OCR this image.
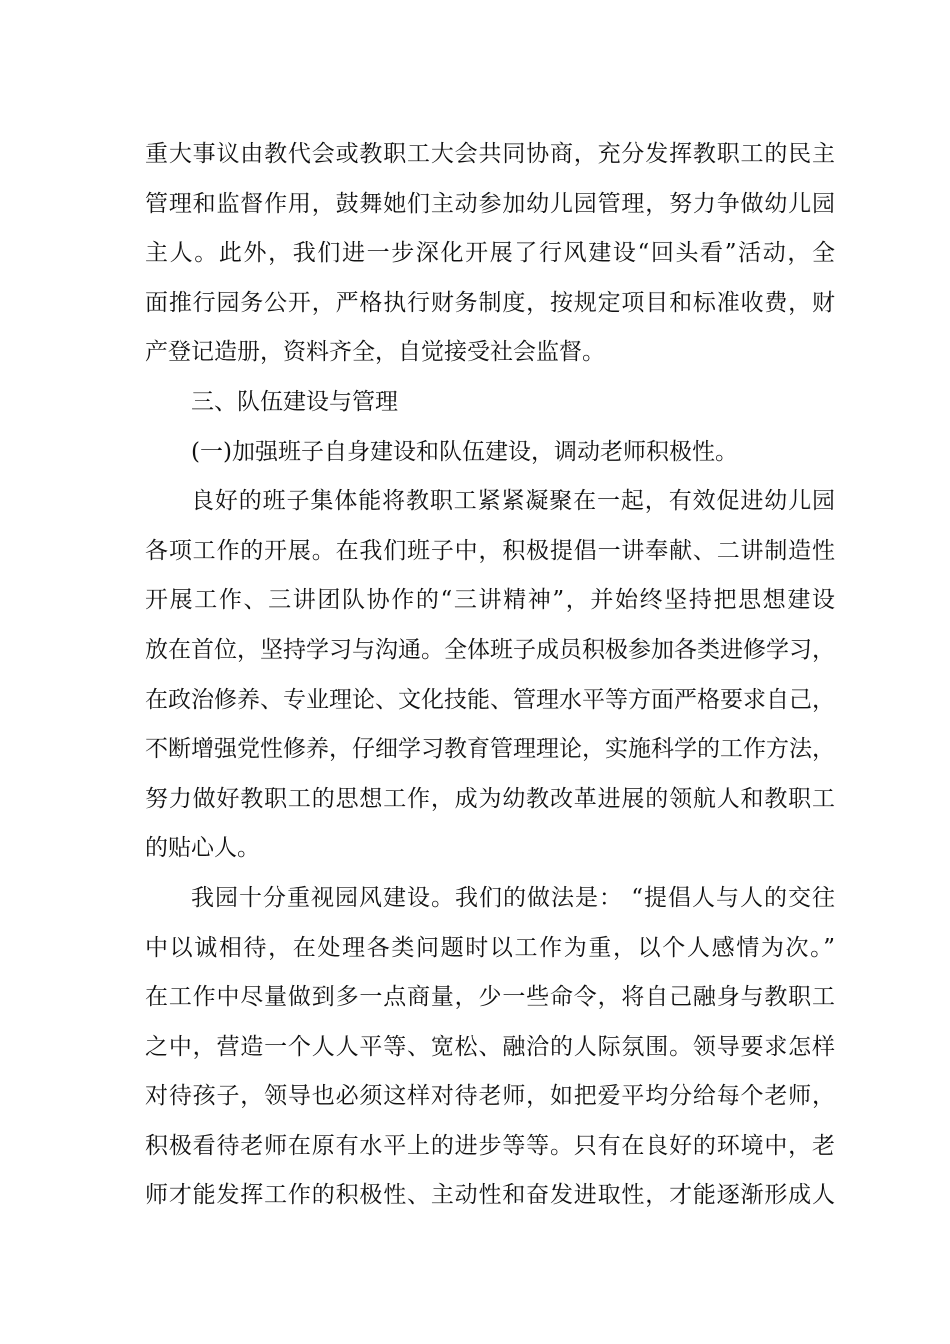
重大事议由教代会或教职工大会共同协商，充分发挥教职工的民主
管理和监督作用，鼓舞她们主动参加幼儿园管理，努力争做幼儿园
主人。此外，我们进一步深化开展了行风建设“回头看”活动，全
面推行园务公开，严格执行财务制度，按规定项目和标准收费，财
产登记造册，资料齐全，自觉接受社会监督。
三、队伍建设与管理
(一)加强班子自身建设和队伍建设，调动老师积极性。
良好的班子集体能将教职工紧紧凝聚在一起，有效促进幼儿园
各项工作的开展。在我们班子中，积极提倡一讲奉献、二讲制造性
开展工作、三讲团队协作的“三讲精神”，并始终坚持把思想建设
放在首位，坚持学习与沟通。全体班子成员积极参加各类进修学习，
在政治修养、专业理论、文化技能、管理水平等方面严格要求自己，
不断增强党性修养，仔细学习教育管理理论，实施科学的工作方法，
努力做好教职工的思想工作，成为幼教改革进展的领航人和教职工
的贴心人。
我园十分重视园风建设。我们的做法是： “提倡人与人的交往
中以诚相待，在处理各类问题时以工作为重，以个人感情为次。”
在工作中尽量做到多一点商量，少一些命令，将自己融身与教职工
之中，营造一个人人平等、宽松、融洽的人际氛围。领导要求怎样
对待孩子，领导也必须这样对待老师，如把爱平均分给每个老师，
积极看待老师在原有水平上的进步等等。只有在良好的环境中，老
师才能发挥工作的积极性、主动性和奋发进取性，才能逐渐形成人
